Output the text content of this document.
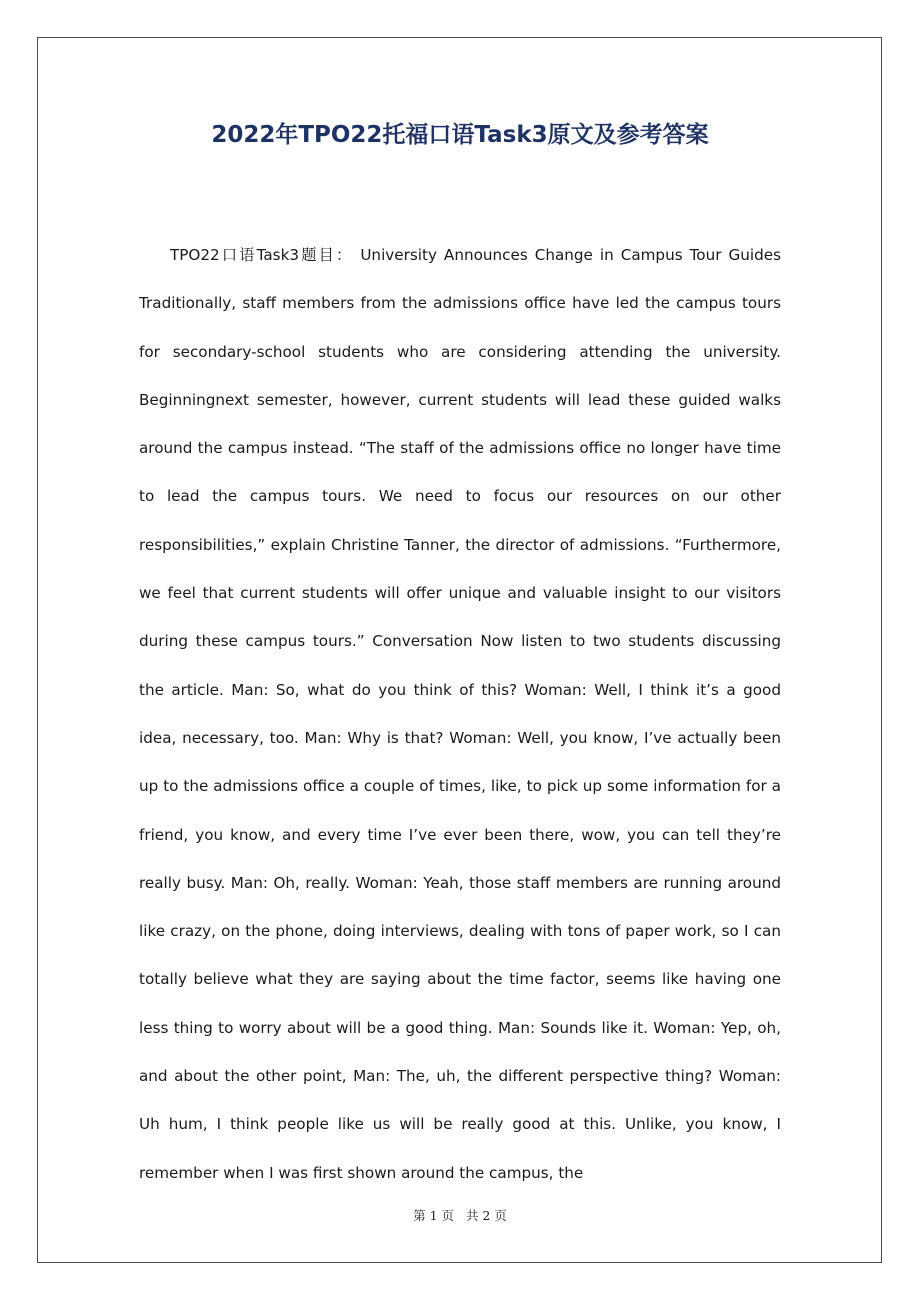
2022年TPO22托福口语Task3原文及参考答案

TPO22口语Task3题目： University Announces Change in Campus Tour Guides Traditionally, staff members from the admissions office have led the campus tours for secondary-school students who are considering attending the university. Beginningnext semester, however, current students will lead these guided walks around the campus instead. “The staff of the admissions office no longer have time to lead the campus tours. We need to focus our resources on our other responsibilities,” explain Christine Tanner, the director of admissions. “Furthermore, we feel that current students will offer unique and valuable insight to our visitors during these campus tours.” Conversation Now listen to two students discussing the article. Man: So, what do you think of this? Woman: Well, I think it’s a good idea, necessary, too. Man: Why is that? Woman: Well, you know, I’ve actually been up to the admissions office a couple of times, like, to pick up some information for a friend, you know, and every time I’ve ever been there, wow, you can tell they’re really busy. Man: Oh, really. Woman: Yeah, those staff members are running around like crazy, on the phone, doing interviews, dealing with tons of paper work, so I can totally believe what they are saying about the time factor, seems like having one less thing to worry about will be a good thing. Man: Sounds like it. Woman: Yep, oh, and about the other point, Man: The, uh, the different perspective thing? Woman: Uh hum, I think people like us will be really good at this. Unlike, you know, I remember when I was first shown around the campus, the

第 1 页   共 2 页
